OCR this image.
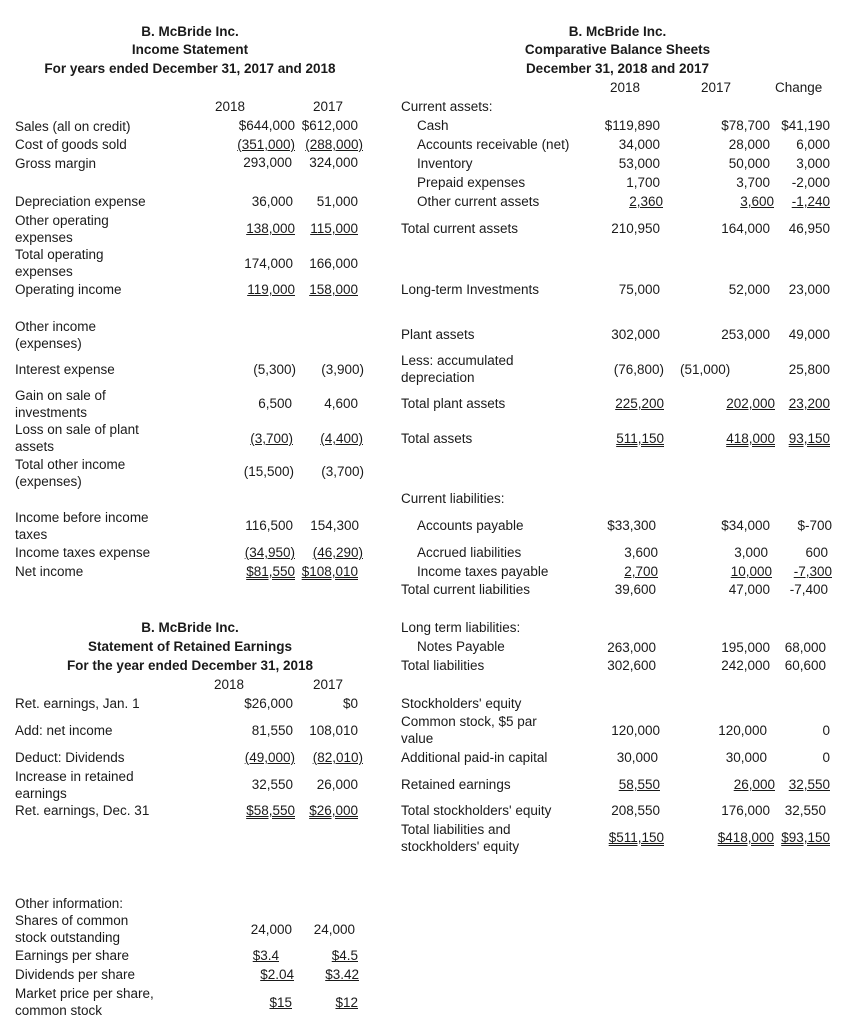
B. McBride Inc.
Income Statement
For years ended December 31, 2017 and 2018
2018	2017
Sales (all on credit)	$644,000 $612,000
Cost of goods sold	(351,000) (288,000)
Gross margin	293,000	324,000
Depreciation expense	36,000	51,000
Other operating expenses
138,000	115,000
Total operating expenses
174,000	166,000
Operating income	119,000	158,000
Other income (expenses)
Interest expense	(5,300)	(3,900)
Gain on sale of investments
6,500	4,600
Loss on sale of plant assets
(3,700)	(4,400)
Total other income (expenses)
(15,500)	(3,700)
Income before income taxes
116,500	154,300
Income taxes expense	(34,950)	(46,290)
Net income	$81,550 $108,010
B. McBride Inc.
Statement of Retained Earnings
For the year ended December 31, 2018
2018	2017
Ret. earnings, Jan. 1	$26,000	$0
Add: net income	81,550	108,010
Deduct: Dividends	(49,000)	(82,010)
Increase in retained earnings
32,550	26,000
Ret. earnings, Dec. 31	$58,550	$26,000
Other information:
Shares of common stock outstanding
24,000	24,000
Earnings per share	$3.4	$4.5
Dividends per share	$2.04	$3.42
Market price per share, common stock
$15	$12
B. McBride Inc.
Comparative Balance Sheets
December 31, 2018 and 2017
2018	2017	Change
Current assets:
Cash	$119,890	$78,700 $41,190
Accounts receivable (net)	34,000	28,000	6,000
Inventory	53,000	50,000	3,000
Prepaid expenses	1,700	3,700	-2,000
Other current assets	2,360	3,600	-1,240
Total current assets	210,950	164,000	46,950
Long-term Investments	75,000	52,000	23,000
Plant assets	302,000	253,000	49,000
Less: accumulated depreciation
(76,800) (51,000)	25,800
Total plant assets	225,200	202,000	23,200
Total assets	511,150	418,000	93,150
Current liabilities:
Accounts payable	$33,300	$34,000	$-700
Accrued liabilities	3,600	3,000	600
Income taxes payable	2,700	10,000	-7,300
Total current liabilities	39,600	47,000	-7,400
Long term liabilities:
Notes Payable	263,000	195,000	68,000
Total liabilities	302,600	242,000	60,600
Stockholders' equity
Common stock, $5 par value
120,000	120,000	0
Additional paid-in capital	30,000	30,000	0
Retained earnings	58,550	26,000	32,550
Total stockholders' equity	208,550	176,000	32,550
Total liabilities and stockholders' equity
$511,150	$418,000 $93,150
